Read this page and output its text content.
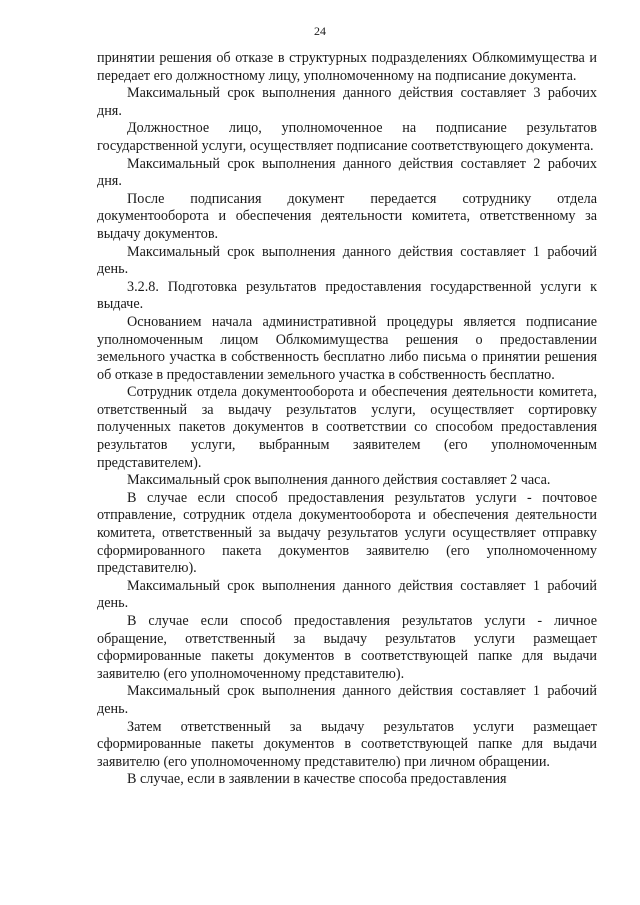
24

принятии решения об отказе в структурных подразделениях Облкомимущества и передает его должностному лицу, уполномоченному на подписание документа.

Максимальный срок выполнения данного действия составляет 3 рабочих дня.

Должностное лицо, уполномоченное на подписание результатов государственной услуги, осуществляет подписание соответствующего документа.

Максимальный срок выполнения данного действия составляет 2 рабочих дня.

После подписания документ передается сотруднику отдела документооборота и обеспечения деятельности комитета, ответственному за выдачу документов.

Максимальный срок выполнения данного действия составляет 1 рабочий день.

3.2.8. Подготовка результатов предоставления государственной услуги к выдаче.

Основанием начала административной процедуры является подписание уполномоченным лицом Облкомимущества решения о предоставлении земельного участка в собственность бесплатно либо письма о принятии решения об отказе в предоставлении земельного участка в собственность бесплатно.

Сотрудник отдела документооборота и обеспечения деятельности комитета, ответственный за выдачу результатов услуги, осуществляет сортировку полученных пакетов документов в соответствии со способом предоставления результатов услуги, выбранным заявителем (его уполномоченным представителем).

Максимальный срок выполнения данного действия составляет 2 часа.

В случае если способ предоставления результатов услуги - почтовое отправление, сотрудник отдела документооборота и обеспечения деятельности комитета, ответственный за выдачу результатов услуги осуществляет отправку сформированного пакета документов заявителю (его уполномоченному представителю).

Максимальный срок выполнения данного действия составляет 1 рабочий день.

В случае если способ предоставления результатов услуги - личное обращение, ответственный за выдачу результатов услуги размещает сформированные пакеты документов в соответствующей папке для выдачи заявителю (его уполномоченному представителю).

Максимальный срок выполнения данного действия составляет 1 рабочий день.

Затем ответственный за выдачу результатов услуги размещает сформированные пакеты документов в соответствующей папке для выдачи заявителю (его уполномоченному представителю) при личном обращении.

В случае, если в заявлении в качестве способа предоставления
